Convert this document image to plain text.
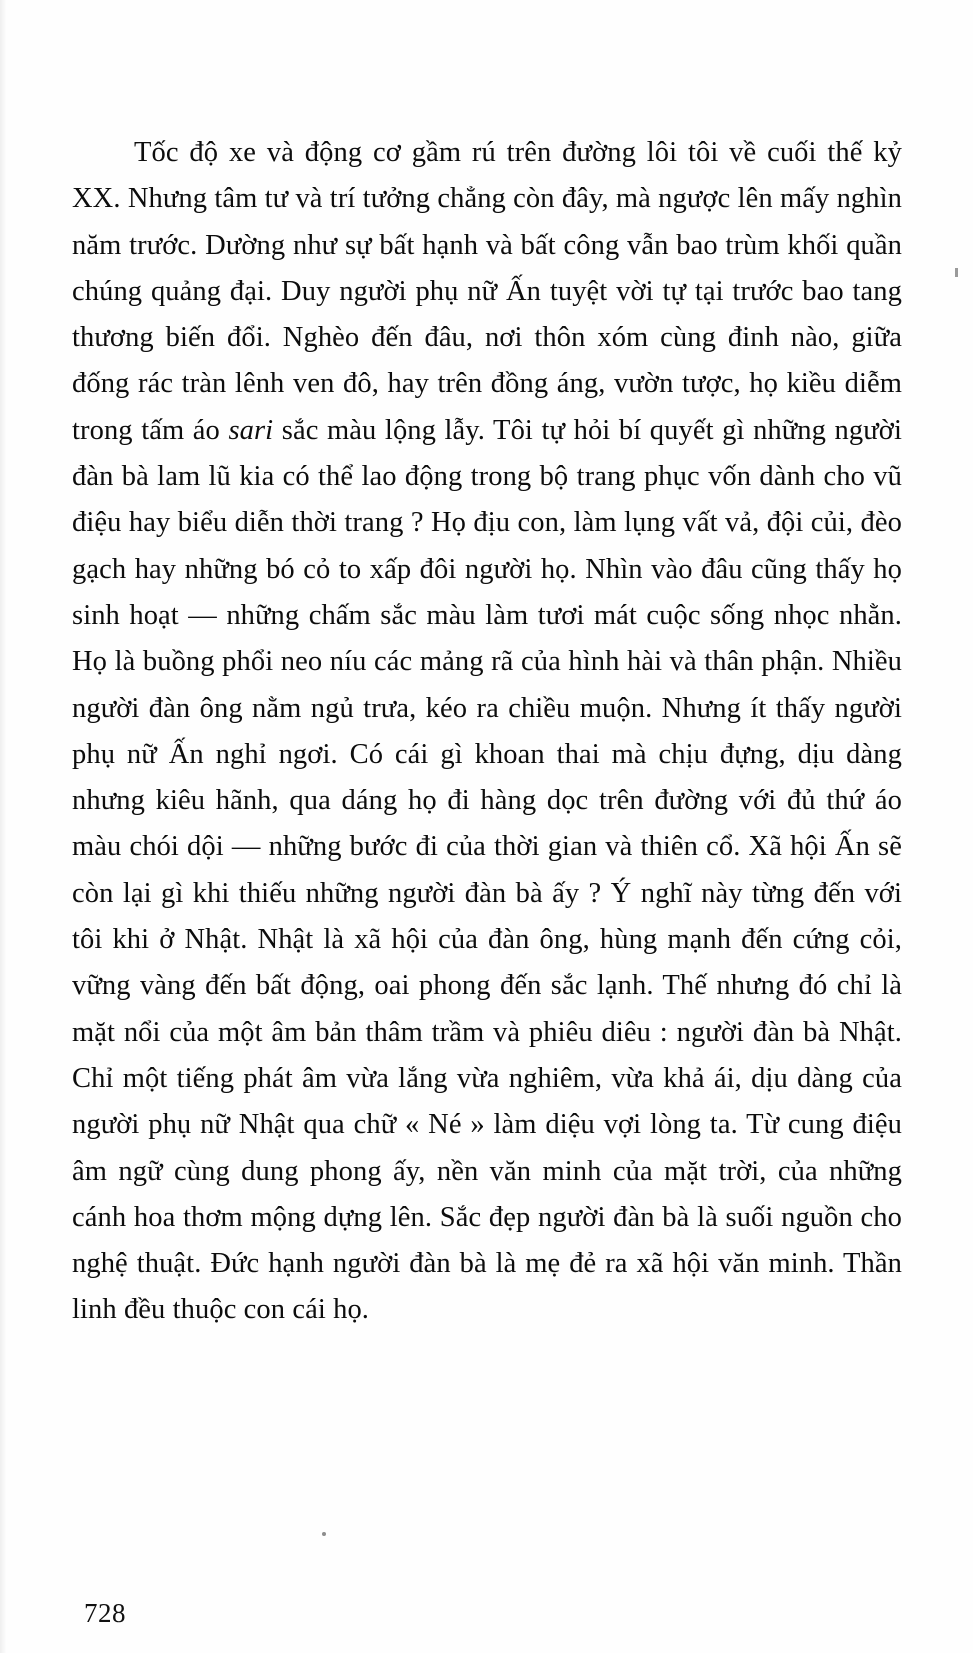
Tốc độ xe và động cơ gầm rú trên đường lôi tôi về cuối thế kỷ XX. Nhưng tâm tư và trí tưởng chẳng còn đây, mà ngược lên mấy nghìn năm trước. Dường như sự bất hạnh và bất công vẫn bao trùm khối quần chúng quảng đại. Duy người phụ nữ Ấn tuyệt vời tự tại trước bao tang thương biến đổi. Nghèo đến đâu, nơi thôn xóm cùng đinh nào, giữa đống rác tràn lênh ven đô, hay trên đồng áng, vườn tược, họ kiều diễm trong tấm áo sari sắc màu lộng lẫy. Tôi tự hỏi bí quyết gì những người đàn bà lam lũ kia có thể lao động trong bộ trang phục vốn dành cho vũ điệu hay biểu diễn thời trang ? Họ địu con, làm lụng vất vả, đội củi, đèo gạch hay những bó cỏ to xấp đôi người họ. Nhìn vào đâu cũng thấy họ sinh hoạt — những chấm sắc màu làm tươi mát cuộc sống nhọc nhằn. Họ là buồng phổi neo níu các mảng rã của hình hài và thân phận. Nhiều người đàn ông nằm ngủ trưa, kéo ra chiều muộn. Nhưng ít thấy người phụ nữ Ấn nghỉ ngơi. Có cái gì khoan thai mà chịu đựng, dịu dàng nhưng kiêu hãnh, qua dáng họ đi hàng dọc trên đường với đủ thứ áo màu chói dội — những bước đi của thời gian và thiên cổ. Xã hội Ấn sẽ còn lại gì khi thiếu những người đàn bà ấy ? Ý nghĩ này từng đến với tôi khi ở Nhật. Nhật là xã hội của đàn ông, hùng mạnh đến cứng cỏi, vững vàng đến bất động, oai phong đến sắc lạnh. Thế nhưng đó chỉ là mặt nổi của một âm bản thâm trầm và phiêu diêu : người đàn bà Nhật. Chỉ một tiếng phát âm vừa lắng vừa nghiêm, vừa khả ái, dịu dàng của người phụ nữ Nhật qua chữ « Né » làm diệu vợi lòng ta. Từ cung điệu âm ngữ cùng dung phong ấy, nền văn minh của mặt trời, của những cánh hoa thơm mộng dựng lên. Sắc đẹp người đàn bà là suối nguồn cho nghệ thuật. Đức hạnh người đàn bà là mẹ đẻ ra xã hội văn minh. Thần linh đều thuộc con cái họ.

728
